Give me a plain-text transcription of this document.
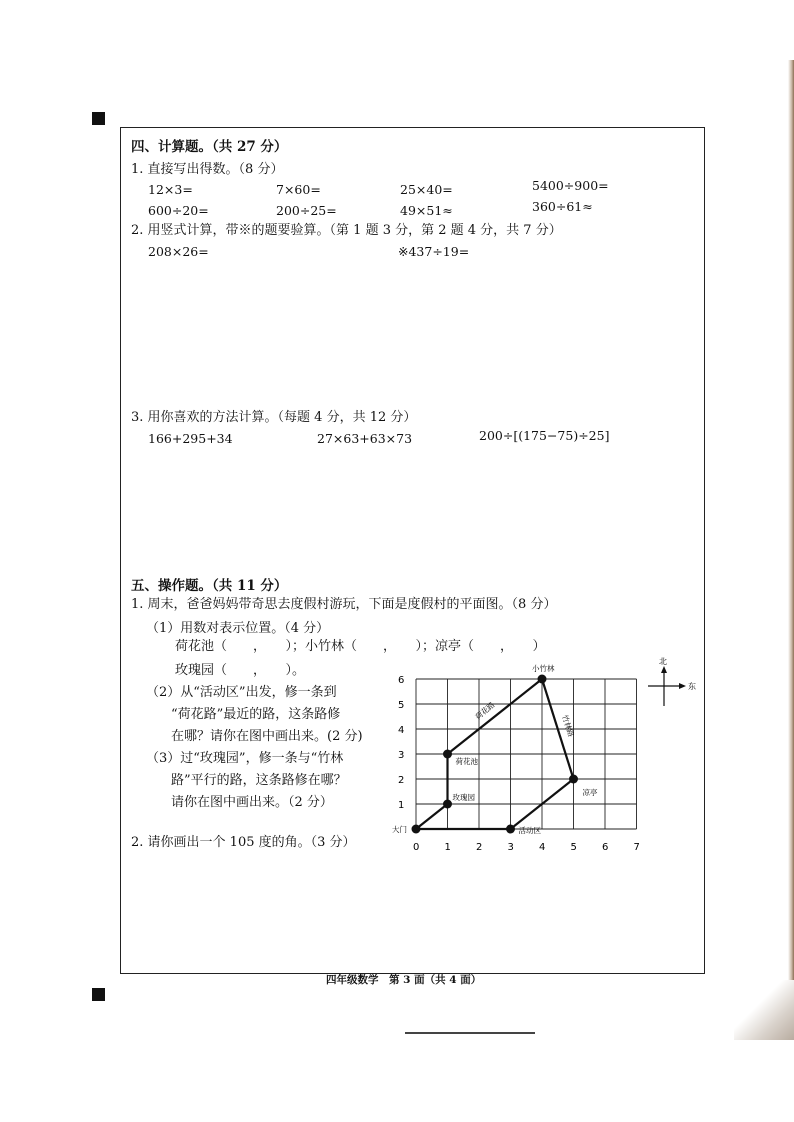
四、计算题。（共 27 分）
1. 直接写出得数。（8 分）
12×3=	7×60=	25×40=	5400÷900=
600÷20=	200÷25=	49×51≈	360÷61≈
2. 用竖式计算，带※的题要验算。（第 1 题 3 分，第 2 题 4 分，共 7 分）
208×26=	※437÷19=
3. 用你喜欢的方法计算。（每题 4 分，共 12 分）
166+295+34	27×63+63×73	200÷[(175−75)÷25]
五、操作题。（共 11 分）
1. 周末，爸爸妈妈带奇思去度假村游玩，下面是度假村的平面图。（8 分）
（1）用数对表示位置。（4 分）
荷花池（　　，　　）；小竹林（　　，　　）；凉亭（　　，　　）
玫瑰园（　　，　　）。
（2）从“活动区”出发，修一条到
“荷花路”最近的路，这条路修
在哪？请你在图中画出来。(2 分)
（3）过“玫瑰园”，修一条与“竹林
路”平行的路，这条路修在哪？
请你在图中画出来。（2 分）
2. 请你画出一个 105 度的角。（3 分）
荷花路
竹林路
0	1	2	3	4	5	6	7
1
2
3
4
5
6
大门
玫瑰园
荷花池
小竹林
凉亭
活动区
北
东
四年级数学　第 3 面（共 4 面）
